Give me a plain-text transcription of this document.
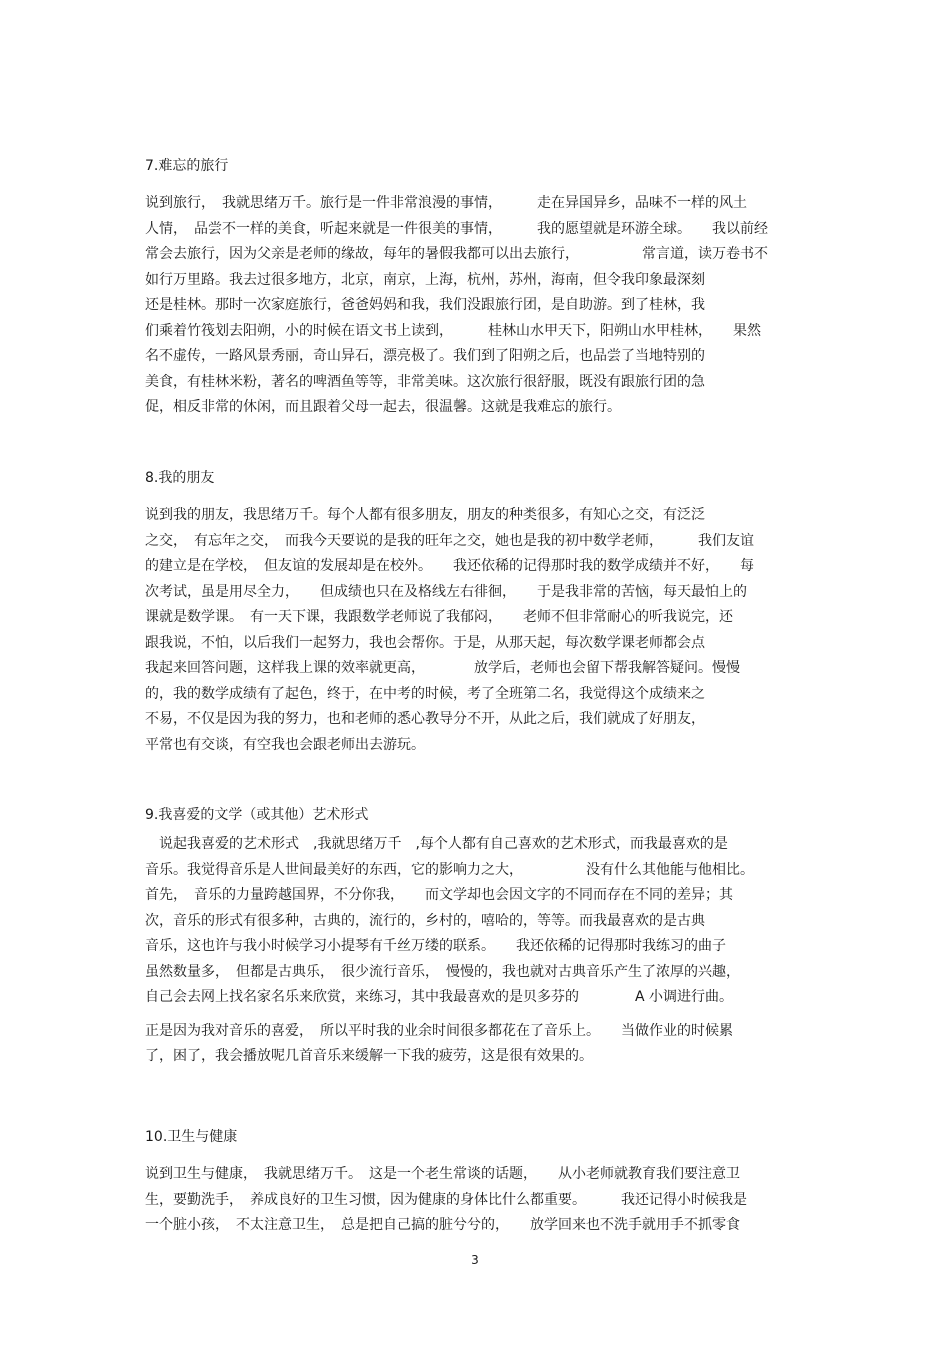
7.难忘的旅行
说到旅行，　我就思绪万千。旅行是一件非常浪漫的事情，　　　走在异国异乡，品味不一样的风土
人情，　品尝不一样的美食，听起来就是一件很美的事情，　　　我的愿望就是环游全球。　　我以前经
常会去旅行，因为父亲是老师的缘故，每年的暑假我都可以出去旅行，　　　　　常言道，读万卷书不
如行万里路。我去过很多地方，北京，南京，上海，杭州，苏州，海南，但令我印象最深刻
还是桂林。那时一次家庭旅行，爸爸妈妈和我，我们没跟旅行团，是自助游。到了桂林，我
们乘着竹筏划去阳朔，小的时候在语文书上读到，　　　桂林山水甲天下，阳朔山水甲桂林，　　果然
名不虚传，一路风景秀丽，奇山异石，漂亮极了。我们到了阳朔之后，也品尝了当地特别的
美食，有桂林米粉，著名的啤酒鱼等等，非常美味。这次旅行很舒服，既没有跟旅行团的急
促，相反非常的休闲，而且跟着父母一起去，很温馨。这就是我难忘的旅行。
8.我的朋友
说到我的朋友，我思绪万千。每个人都有很多朋友，朋友的种类很多，有知心之交，有泛泛
之交，　有忘年之交，　而我今天要说的是我的旺年之交，她也是我的初中数学老师，　　　我们友谊
的建立是在学校，　但友谊的发展却是在校外。　　我还依稀的记得那时我的数学成绩并不好，　　每
次考试，虽是用尽全力，　　但成绩也只在及格线左右徘徊，　　于是我非常的苦恼，每天最怕上的
课就是数学课。　有一天下课，我跟数学老师说了我郁闷，　　老师不但非常耐心的听我说完，还
跟我说，不怕，以后我们一起努力，我也会帮你。于是，从那天起，每次数学课老师都会点
我起来回答问题，这样我上课的效率就更高，　　　　放学后，老师也会留下帮我解答疑问。慢慢
的，我的数学成绩有了起色，终于，在中考的时候，考了全班第二名，我觉得这个成绩来之
不易，不仅是因为我的努力，也和老师的悉心教导分不开，从此之后，我们就成了好朋友，
平常也有交谈，有空我也会跟老师出去游玩。
9.我喜爱的文学（或其他）艺术形式
　说起我喜爱的艺术形式　,我就思绪万千　,每个人都有自己喜欢的艺术形式，而我最喜欢的是
音乐。我觉得音乐是人世间最美好的东西，它的影响力之大，　　　　　没有什么其他能与他相比。
首先，　音乐的力量跨越国界，不分你我，　　而文学却也会因文字的不同而存在不同的差异；其
次，音乐的形式有很多种，古典的，流行的，乡村的，嘻哈的，等等。而我最喜欢的是古典
音乐，这也许与我小时候学习小提琴有千丝万缕的联系。　　我还依稀的记得那时我练习的曲子
虽然数量多，　但都是古典乐，　很少流行音乐，　慢慢的，我也就对古典音乐产生了浓厚的兴趣，
自己会去网上找名家名乐来欣赏，来练习，其中我最喜欢的是贝多芬的　　　　A 小调进行曲。
正是因为我对音乐的喜爱，　所以平时我的业余时间很多都花在了音乐上。　　当做作业的时候累
了，困了，我会播放呢几首音乐来缓解一下我的疲劳，这是很有效果的。
10.卫生与健康
说到卫生与健康，　我就思绪万千。　这是一个老生常谈的话题，　　从小老师就教育我们要注意卫
生，要勤洗手，　养成良好的卫生习惯，因为健康的身体比什么都重要。　　　我还记得小时候我是
一个脏小孩，　不太注意卫生，　总是把自己搞的脏兮兮的，　　放学回来也不洗手就用手不抓零食
3
